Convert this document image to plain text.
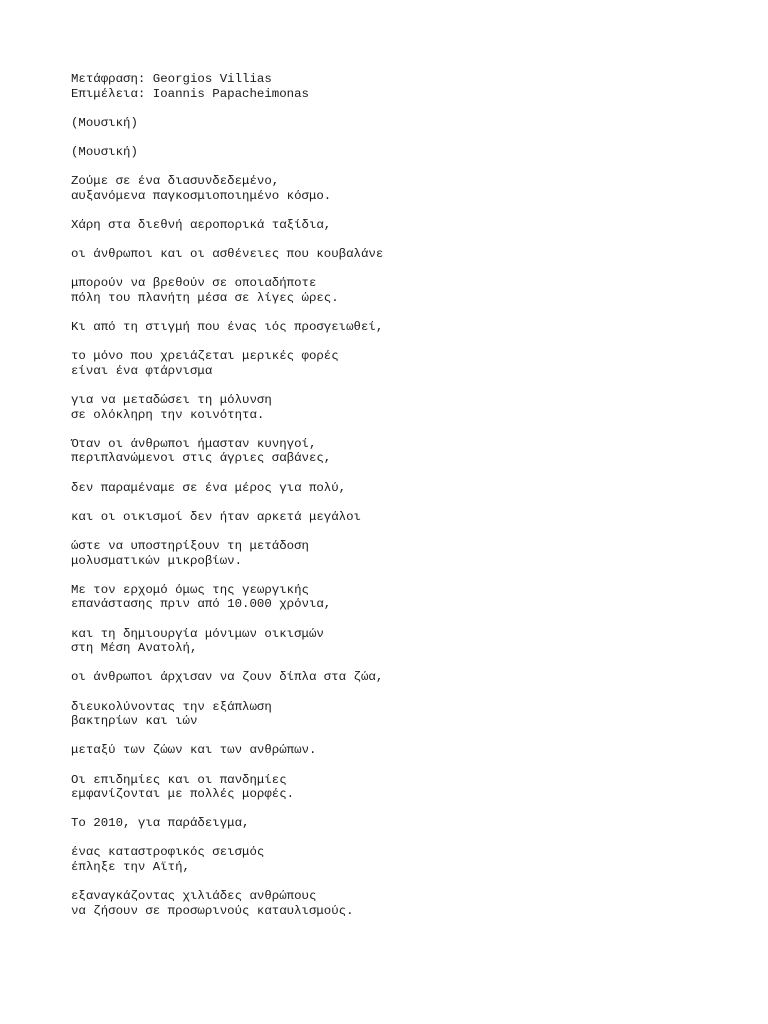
Μετάφραση: Georgios Villias
Επιμέλεια: Ioannis Papacheimonas
(Μουσική)
(Μουσική)
Ζούμε σε ένα διασυνδεδεμένο,
αυξανόμενα παγκοσμιοποιημένο κόσμο.
Χάρη στα διεθνή αεροπορικά ταξίδια,
οι άνθρωποι και οι ασθένειες που κουβαλάνε
μπορούν να βρεθούν σε οποιαδήποτε
πόλη του πλανήτη μέσα σε λίγες ώρες.
Κι από τη στιγμή που ένας ιός προσγειωθεί,
το μόνο που χρειάζεται μερικές φορές
είναι ένα φτάρνισμα
για να μεταδώσει τη μόλυνση
σε ολόκληρη την κοινότητα.
Όταν οι άνθρωποι ήμασταν κυνηγοί,
περιπλανώμενοι στις άγριες σαβάνες,
δεν παραμέναμε σε ένα μέρος για πολύ,
και οι οικισμοί δεν ήταν αρκετά μεγάλοι
ώστε να υποστηρίξουν τη μετάδοση
μολυσματικών μικροβίων.
Με τον ερχομό όμως της γεωργικής
επανάστασης πριν από 10.000 χρόνια,
και τη δημιουργία μόνιμων οικισμών
στη Μέση Ανατολή,
οι άνθρωποι άρχισαν να ζουν δίπλα στα ζώα,
διευκολύνοντας την εξάπλωση
βακτηρίων και ιών
μεταξύ των ζώων και των ανθρώπων.
Οι επιδημίες και οι πανδημίες
εμφανίζονται με πολλές μορφές.
Το 2010, για παράδειγμα,
ένας καταστροφικός σεισμός
έπληξε την Αϊτή,
εξαναγκάζοντας χιλιάδες ανθρώπους
να ζήσουν σε προσωρινούς καταυλισμούς.
